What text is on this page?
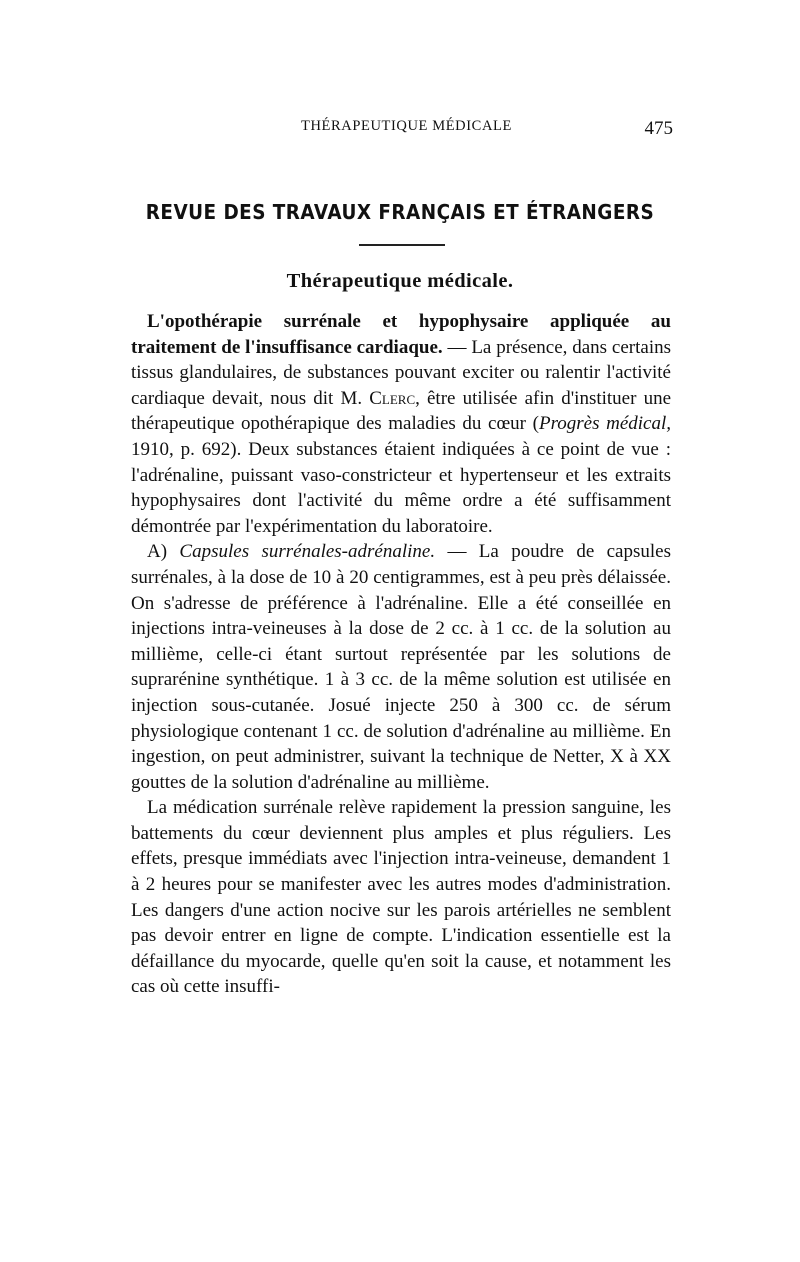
THÉRAPEUTIQUE MÉDICALE	475
REVUE DES TRAVAUX FRANÇAIS ET ÉTRANGERS
Thérapeutique médicale.

L'opothérapie surrénale et hypophysaire appliquée au traitement de l'insuffisance cardiaque. — La présence, dans certains tissus glandulaires, de substances pouvant exciter ou ralentir l'activité cardiaque devait, nous dit M. Clerc, être utilisée afin d'instituer une thérapeutique opothérapique des maladies du cœur (Progrès médical, 1910, p. 692). Deux substances étaient indiquées à ce point de vue : l'adrénaline, puissant vaso-constricteur et hypertenseur et les extraits hypophysaires dont l'activité du même ordre a été suffisamment démontrée par l'expérimentation du laboratoire.

A) Capsules surrénales-adrénaline. — La poudre de capsules surrénales, à la dose de 10 à 20 centigrammes, est à peu près délaissée. On s'adresse de préférence à l'adrénaline. Elle a été conseillée en injections intra-veineuses à la dose de 2 cc. à 1 cc. de la solution au millième, celle-ci étant surtout représentée par les solutions de suprarénine synthétique. 1 à 3 cc. de la même solution est utilisée en injection sous-cutanée. Josué injecte 250 à 300 cc. de sérum physiologique contenant 1 cc. de solution d'adrénaline au millième. En ingestion, on peut administrer, suivant la technique de Netter, X à XX gouttes de la solution d'adrénaline au millième.

La médication surrénale relève rapidement la pression sanguine, les battements du cœur deviennent plus amples et plus réguliers. Les effets, presque immédiats avec l'injection intra-veineuse, demandent 1 à 2 heures pour se manifester avec les autres modes d'administration. Les dangers d'une action nocive sur les parois artérielles ne semblent pas devoir entrer en ligne de compte. L'indication essentielle est la défaillance du myocarde, quelle qu'en soit la cause, et notamment les cas où cette insuffi-
